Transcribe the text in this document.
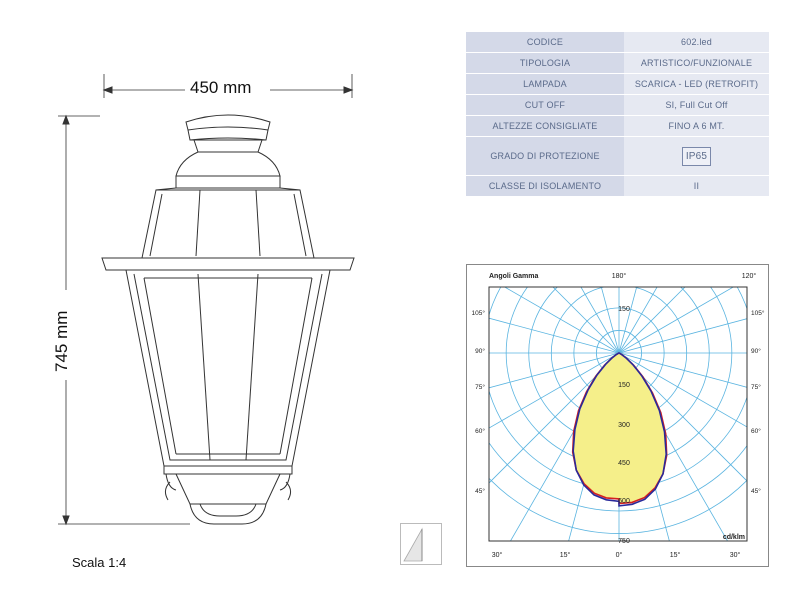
450 mm
745 mm
Scala 1:4
CODICE	602.led
TIPOLOGIA	ARTISTICO/FUNZIONALE
LAMPADA	SCARICA - LED (RETROFIT)
CUT OFF	SI, Full Cut Off
ALTEZZE CONSIGLIATE	FINO A 6 MT.
GRADO DI PROTEZIONE	IP65
CLASSE DI ISOLAMENTO	II
Angoli Gamma	180°	120°
105°
90°
75°
60°
45°
105°
90°
75°
60°
45°
30°	15°	0°	15°	30°
150
150
300
450
600
750
cd/klm
